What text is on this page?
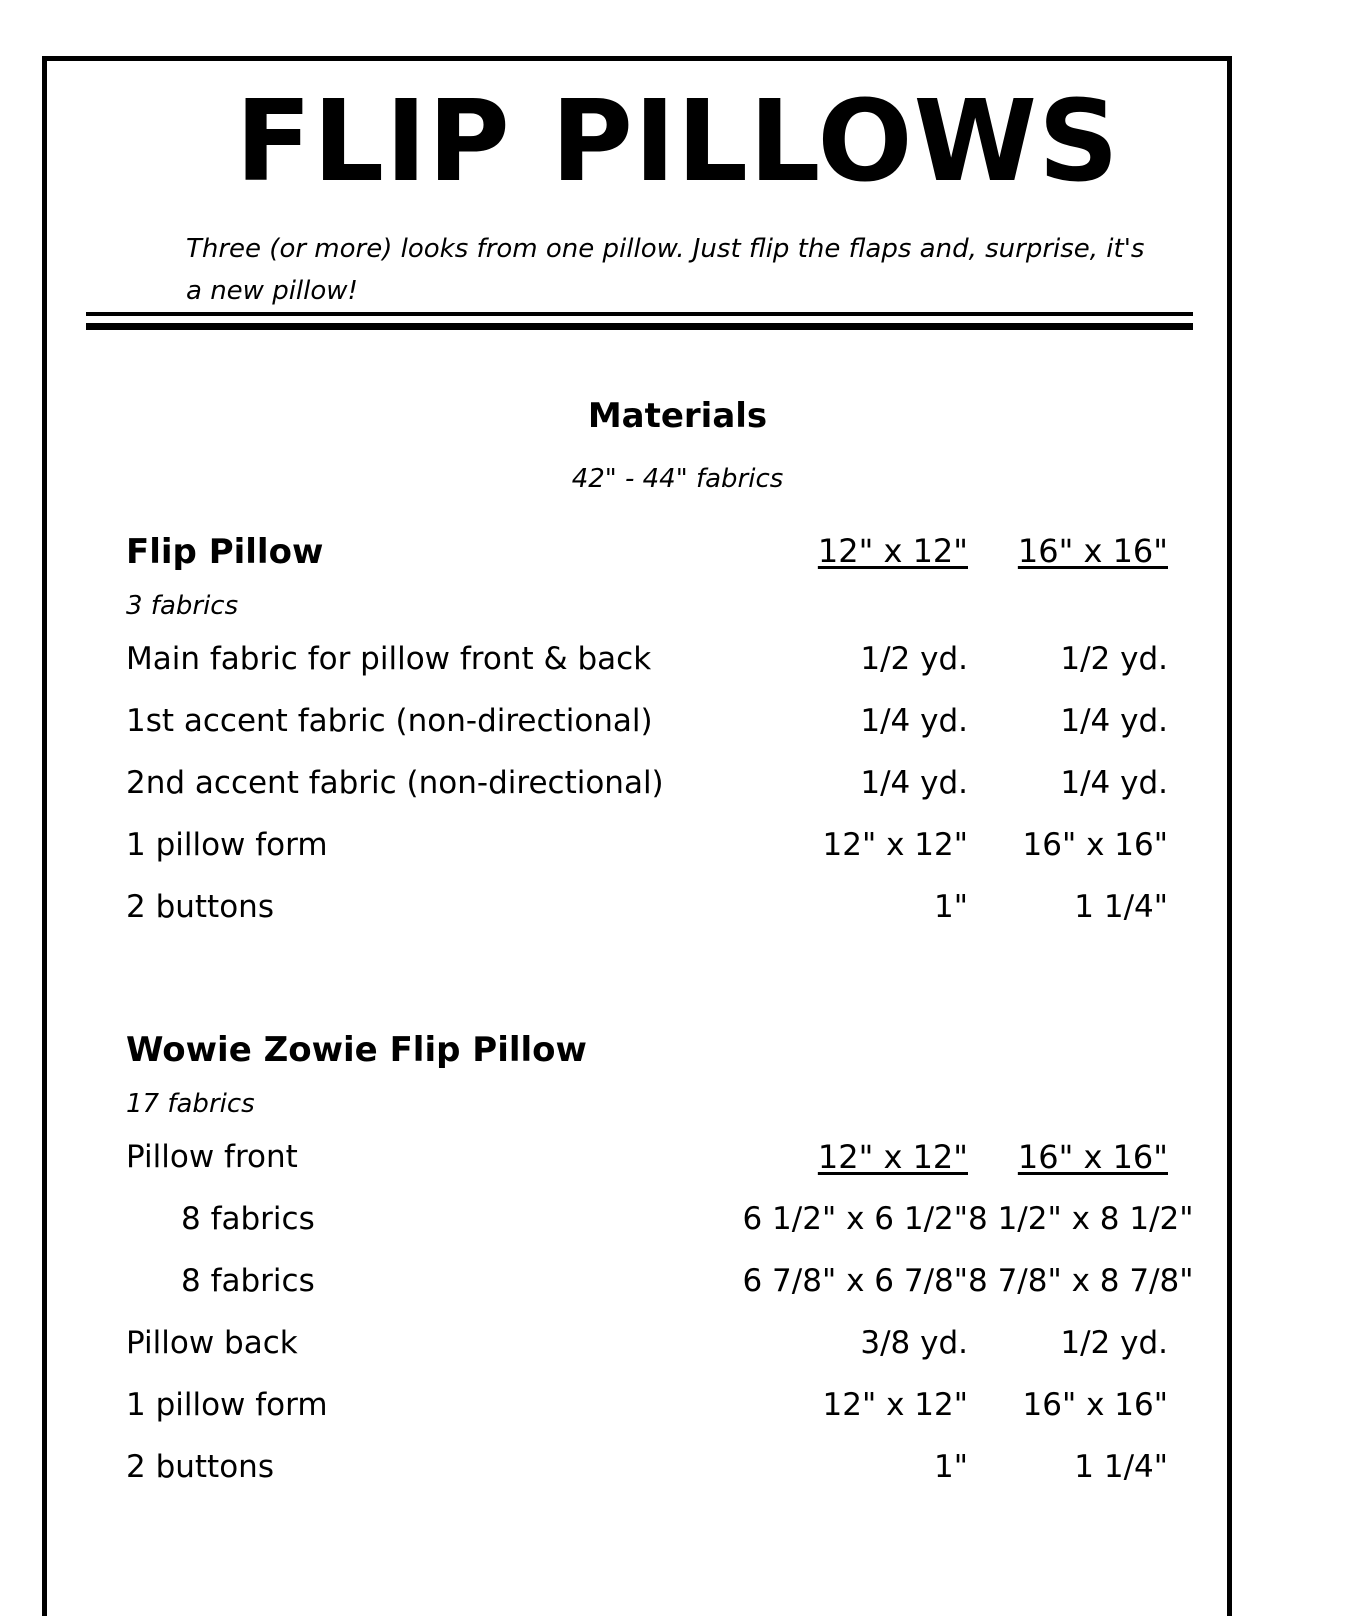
FLIP PILLOWS
Three (or more) looks from one pillow. Just flip the flaps and, surprise, it's a new pillow!
Materials
42" - 44" fabrics
Flip Pillow	12" x 12"	16" x 16"
3 fabrics
Main fabric for pillow front & back	1/2 yd.	1/2 yd.
1st accent fabric (non-directional)	1/4 yd.	1/4 yd.
2nd accent fabric (non-directional)	1/4 yd.	1/4 yd.
1 pillow form	12" x 12"	16" x 16"
2 buttons	1"	1 1/4"
Wowie Zowie Flip Pillow
17 fabrics
Pillow front	12" x 12"	16" x 16"
8 fabrics	6 1/2" x 6 1/2" 8 1/2" x 8 1/2"
8 fabrics	6 7/8" x 6 7/8" 8 7/8" x 8 7/8"
Pillow back	3/8 yd.	1/2 yd.
1 pillow form	12" x 12"	16" x 16"
2 buttons	1"	1 1/4"
